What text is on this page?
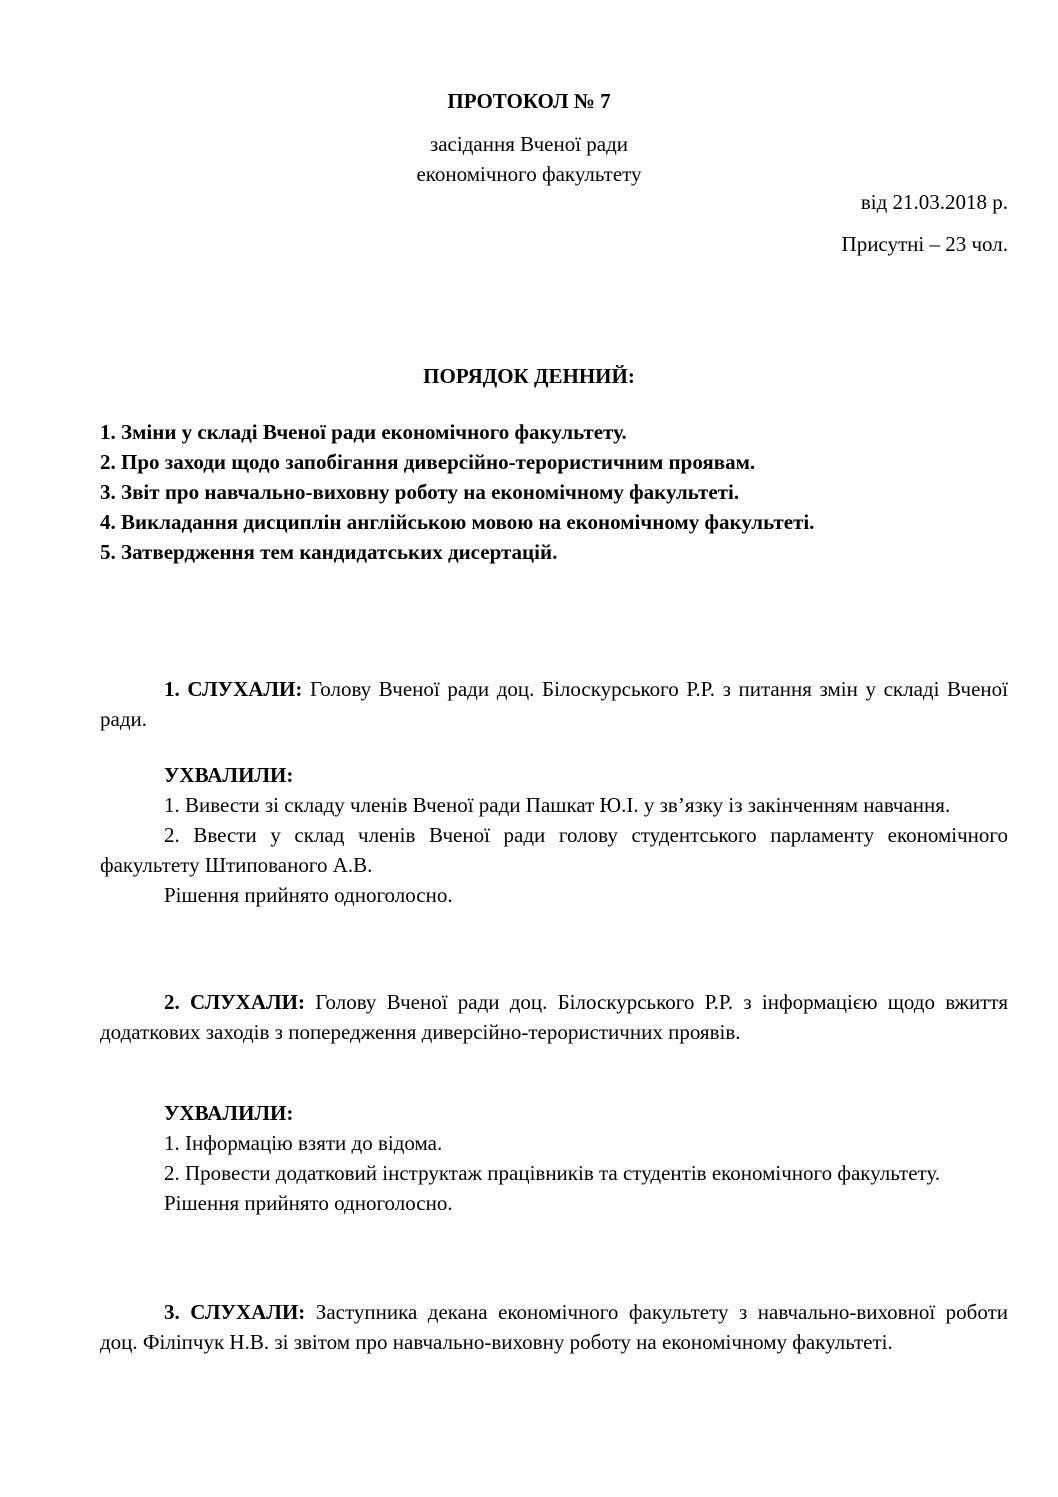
ПРОТОКОЛ № 7
засідання Вченої ради
економічного факультету
від 21.03.2018 р.
Присутні – 23 чол.
ПОРЯДОК ДЕННИЙ:
1. Зміни у складі Вченої ради економічного факультету.
2. Про заходи щодо запобігання диверсійно-терористичним проявам.
3. Звіт про навчально-виховну роботу на економічному факультеті.
4. Викладання дисциплін англійською мовою на економічному факультеті.
5. Затвердження тем кандидатських дисертацій.

1. СЛУХАЛИ: Голову Вченої ради доц. Білоскурського Р.Р. з питання змін у складі Вченої ради.

УХВАЛИЛИ:

1. Вивести зі складу членів Вченої ради Пашкат Ю.І. у зв’язку із закінченням навчання.

2. Ввести у склад членів Вченої ради голову студентського парламенту економічного факультету Штипованого А.В.

Рішення прийнято одноголосно.

2. СЛУХАЛИ: Голову Вченої ради доц. Білоскурського Р.Р. з інформацією щодо вжиття додаткових заходів з попередження диверсійно-терористичних проявів.

УХВАЛИЛИ:

1. Інформацію взяти до відома.

2. Провести додатковий інструктаж працівників та студентів економічного факультету.

Рішення прийнято одноголосно.

3. СЛУХАЛИ: Заступника декана економічного факультету з навчально-виховної роботи доц. Філіпчук Н.В. зі звітом про навчально-виховну роботу на економічному факультеті.
